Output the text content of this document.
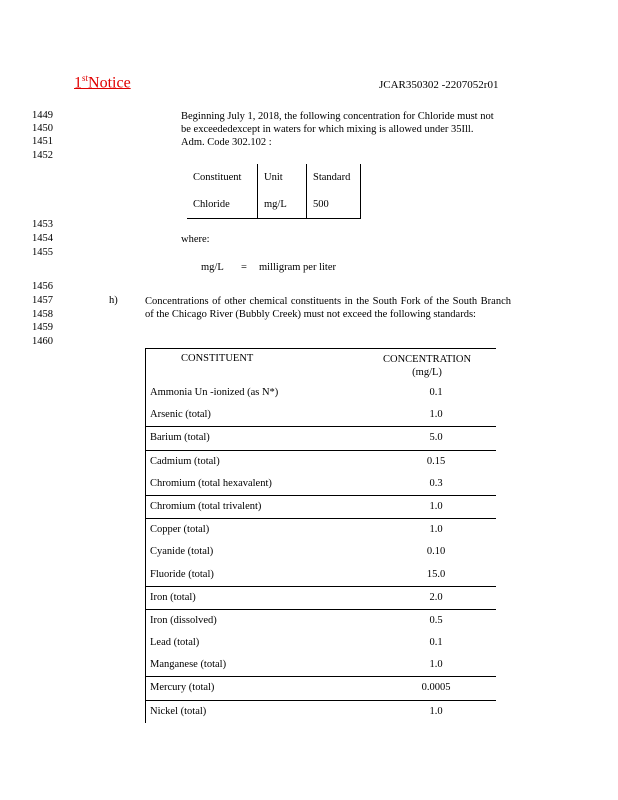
1stNotice	JCAR350302 -2207052r01
1449
1450
1451
1452
1453
1454
1455
1456
1457
1458
1459
1460
Beginning July 1, 2018, the following concentration for Chloride must not
be exceededexcept in waters for which mixing is allowed under 35Ill.
Adm. Code 302.102 :
Constituent	Unit	Standard
Chloride	mg/L	500
where:
mg/L = milligram per liter
h)	Concentrations of other chemical constituents in the South Fork of the South Branch of the Chicago River (Bubbly Creek) must not exceed the following standards:
CONSTITUENT	CONCENTRATION
(mg/L)
Ammonia Un -ionized (as N*)	0.1
Arsenic (total)	1.0
Barium (total)	5.0
Cadmium (total)	0.15
Chromium (total hexavalent)	0.3
Chromium (total trivalent)	1.0
Copper (total)	1.0
Cyanide (total)	0.10
Fluoride (total)	15.0
Iron (total)	2.0
Iron (dissolved)	0.5
Lead (total)	0.1
Manganese (total)	1.0
Mercury (total)	0.0005
Nickel (total)	1.0
